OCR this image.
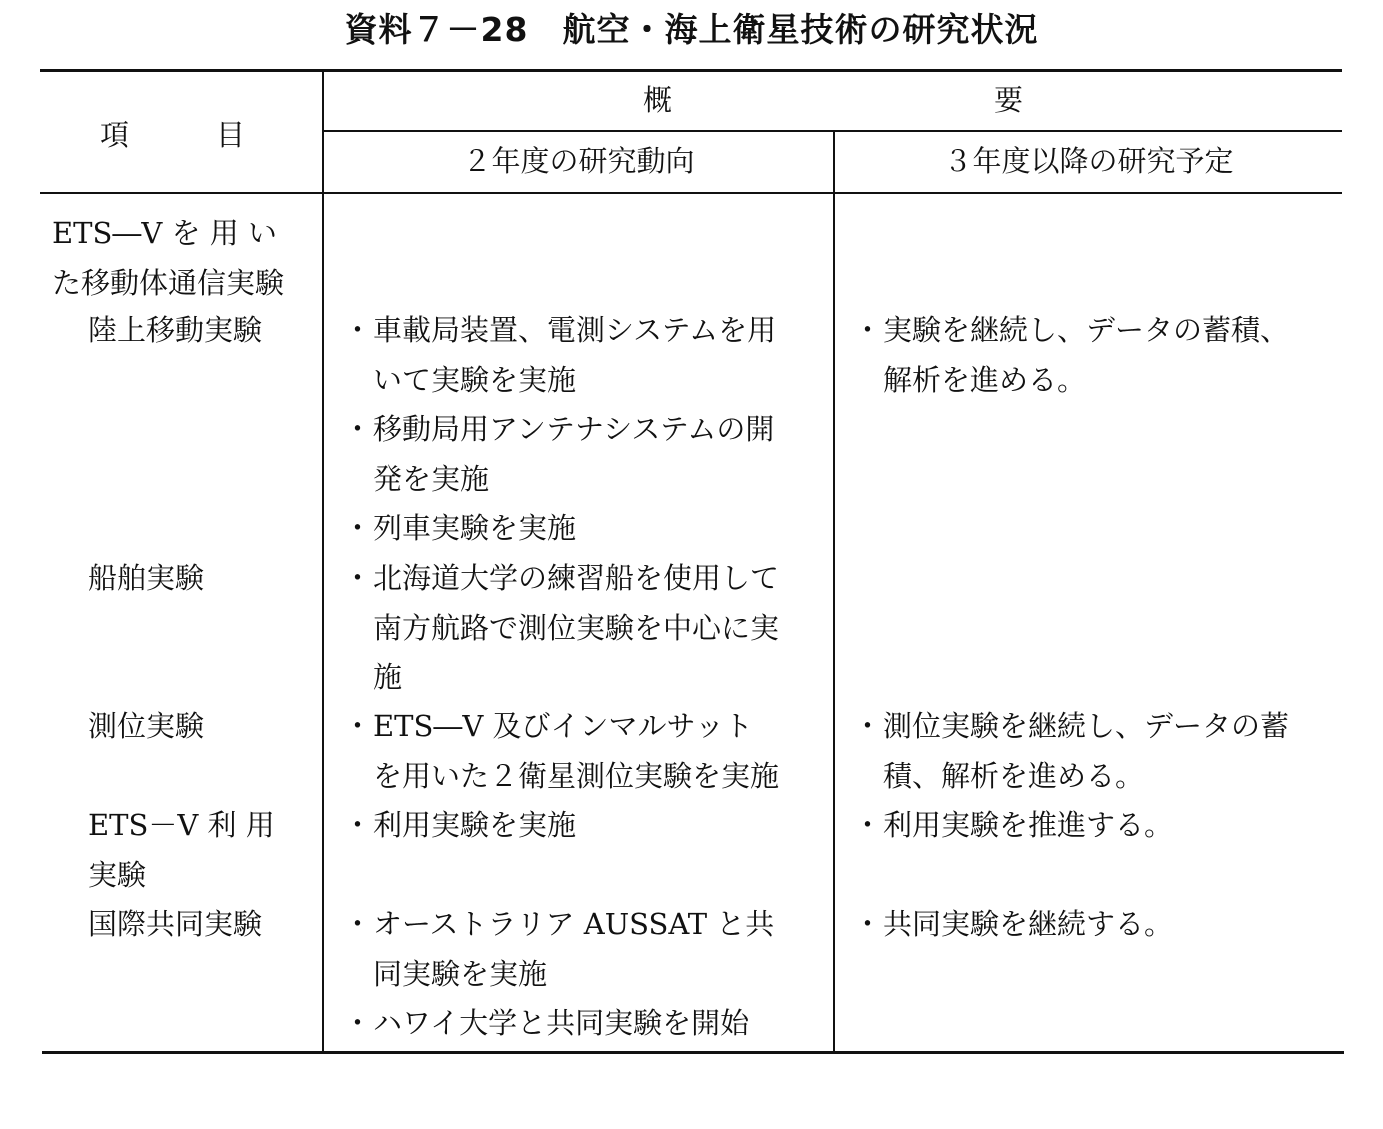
資料７－28　航空・海上衛星技術の研究状況
項　　　目
概	要
２年度の研究動向	３年度以降の研究予定
ETS―V を 用 い
た移動体通信実験
陸上移動実験
船舶実験
測位実験
ETS－V 利 用
実験
国際共同実験
・ 車載局装置、電測システムを用
いて実験を実施
・ 移動局用アンテナシステムの開
発を実施
・ 列車実験を実施
・ 北海道大学の練習船を使用して
南方航路で測位実験を中心に実
施
・ ETS―V 及びインマルサット
を用いた２衛星測位実験を実施
・ 利用実験を実施
・ オーストラリア AUSSAT と共
同実験を実施
・ ハワイ大学と共同実験を開始
・ 実験を継続し、データの蓄積、
解析を進める。
・ 測位実験を継続し、データの蓄
積、解析を進める。
・ 利用実験を推進する。
・ 共同実験を継続する。
